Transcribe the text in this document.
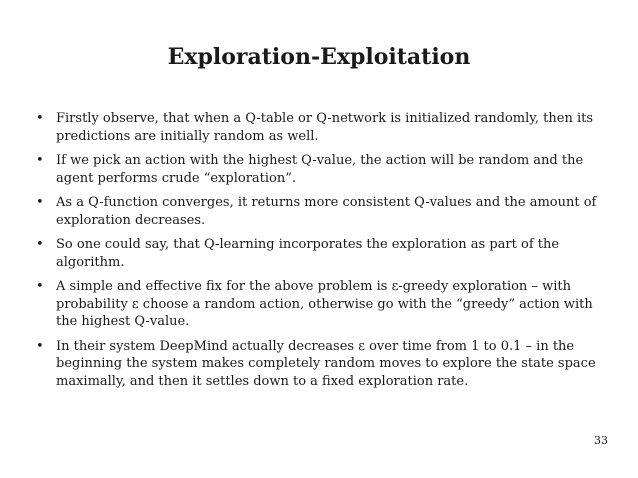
Exploration-Exploitation
• Firstly observe, that when a Q-table or Q-network is initialized randomly, then its predictions are initially random as well.
• If we pick an action with the highest Q-value, the action will be random and the agent performs crude “exploration”.
• As a Q-function converges, it returns more consistent Q-values and the amount of exploration decreases.
• So one could say, that Q-learning incorporates the exploration as part of the algorithm.
• A simple and effective fix for the above problem is ε-greedy exploration – with probability ε choose a random action, otherwise go with the “greedy” action with the highest Q-value.
• In their system DeepMind actually decreases ε over time from 1 to 0.1 – in the beginning the system makes completely random moves to explore the state space maximally, and then it settles down to a fixed exploration rate.
33
